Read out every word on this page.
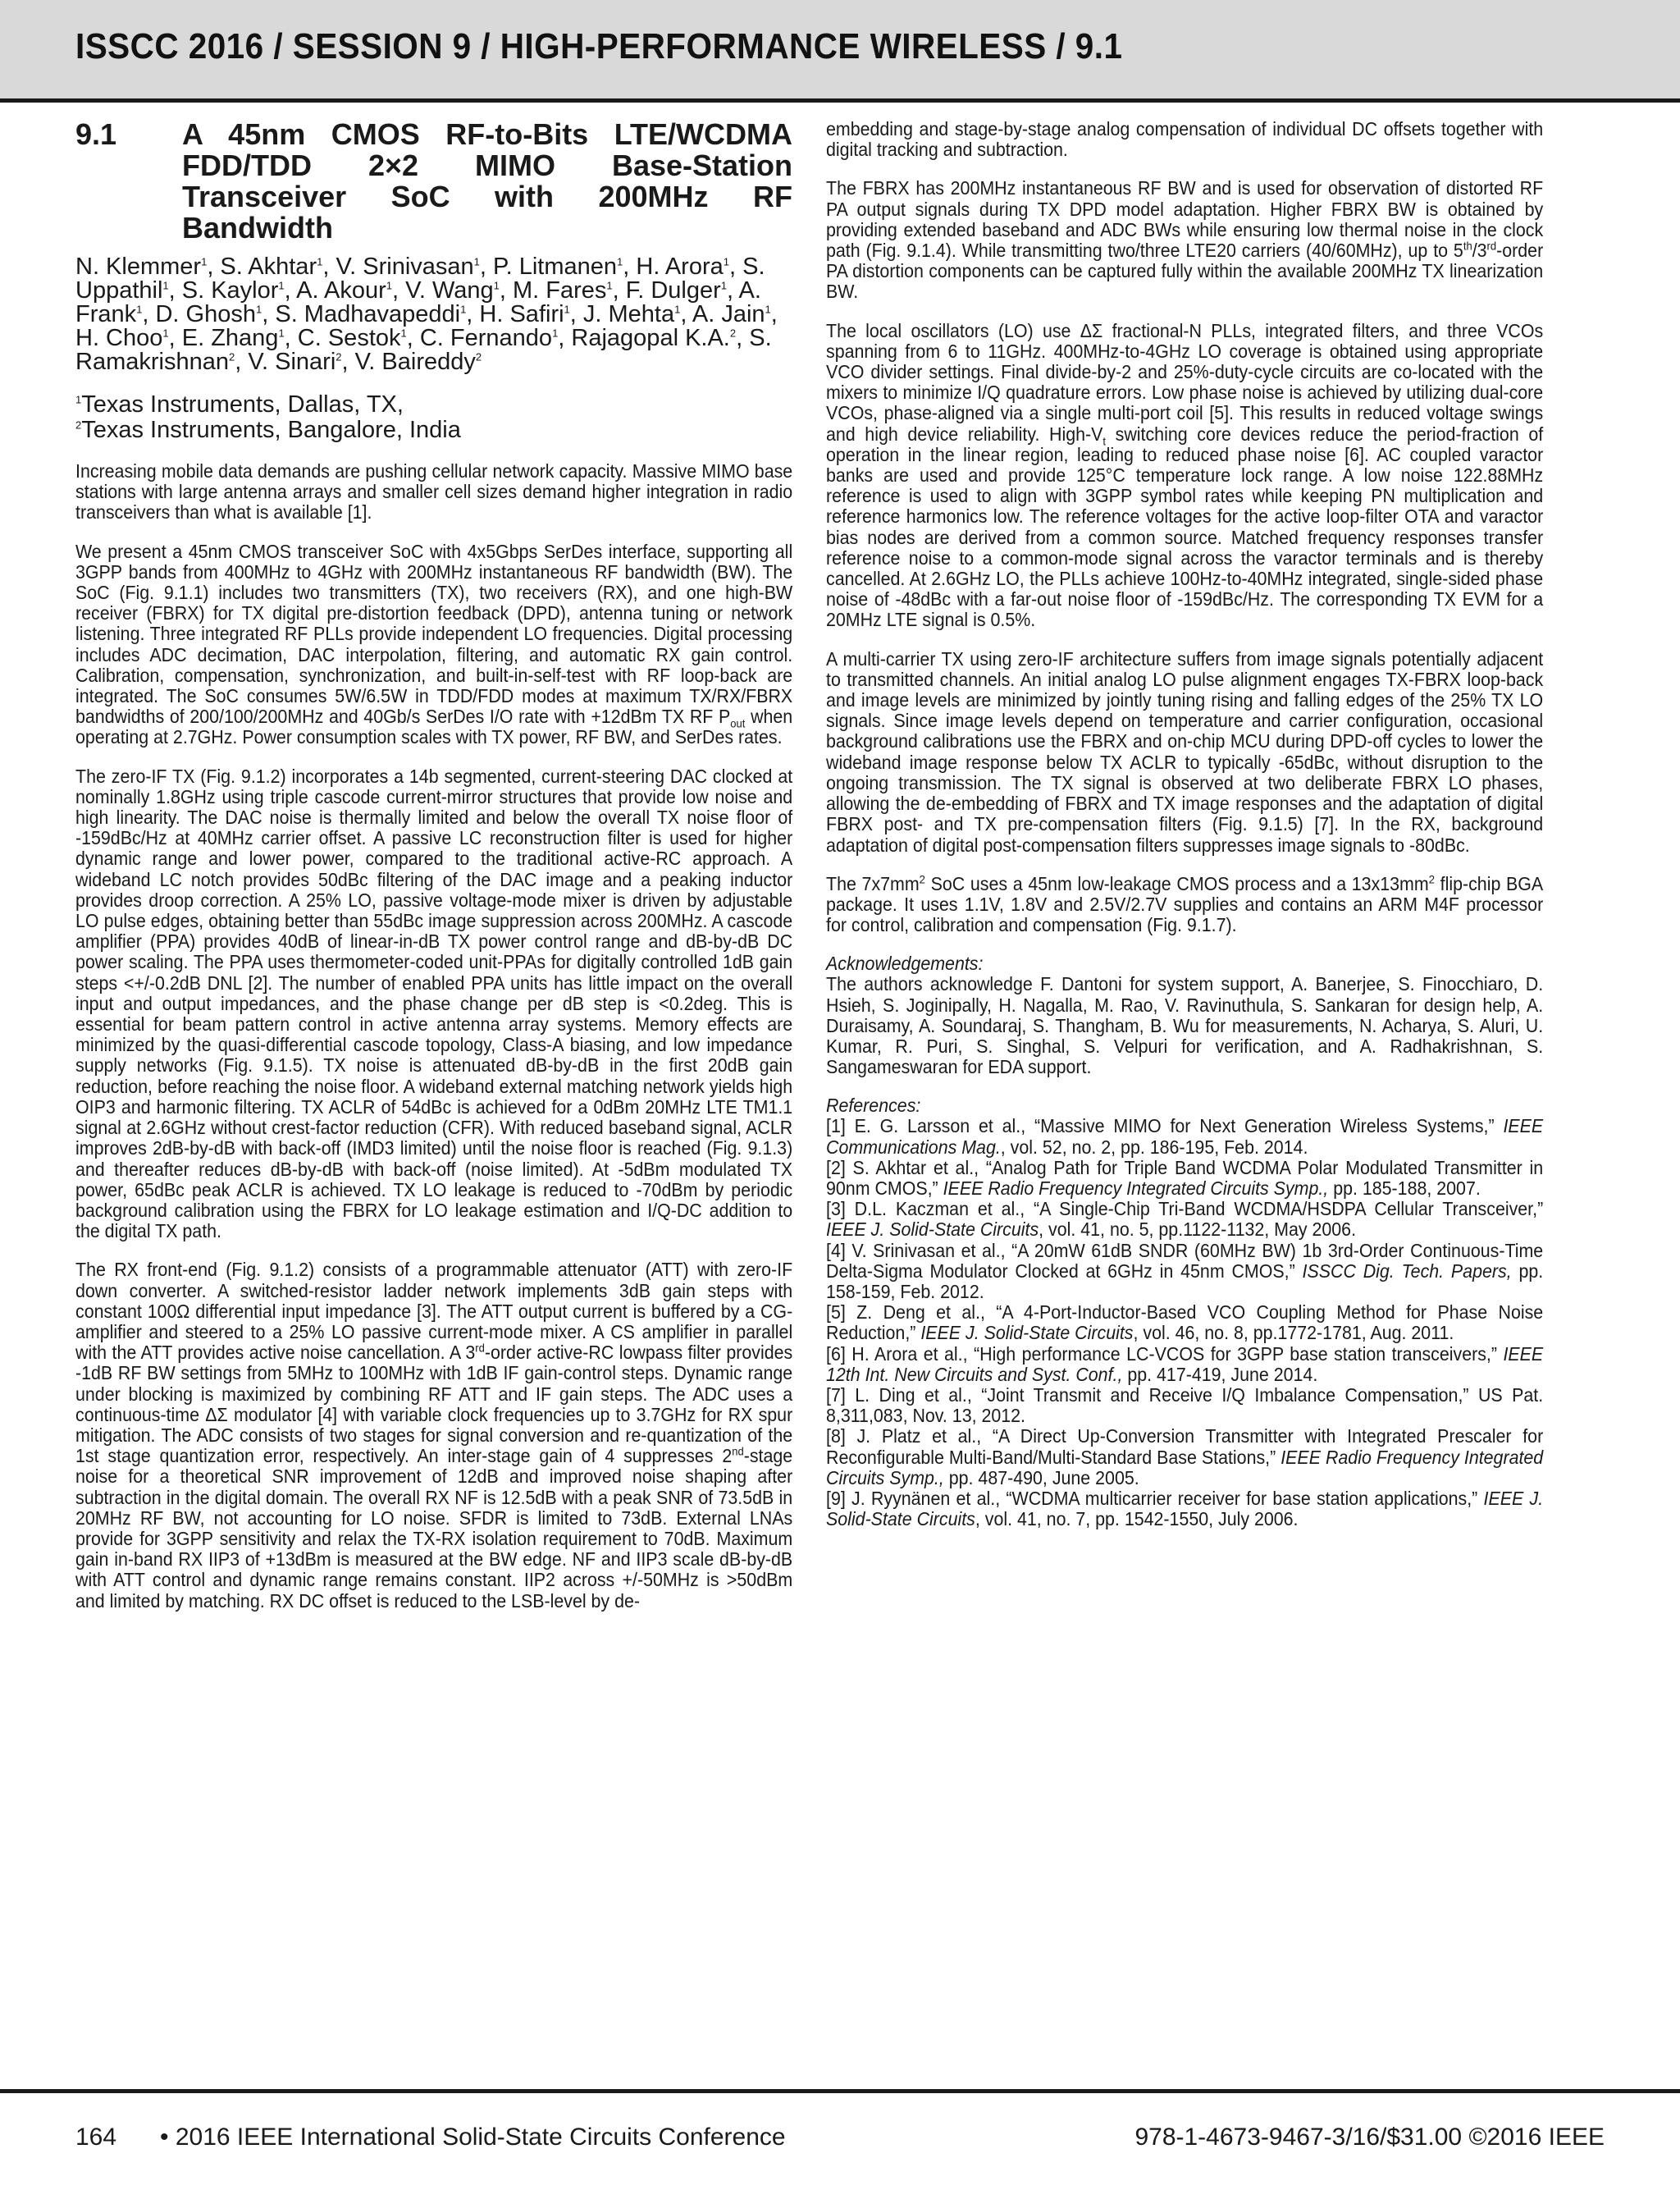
ISSCC 2016 / SESSION 9 / HIGH-PERFORMANCE WIRELESS / 9.1
9.1	A 45nm CMOS RF-to-Bits LTE/WCDMA FDD/TDD 2×2 MIMO Base-Station Transceiver SoC with 200MHz RF Bandwidth
N. Klemmer$^1$, S. Akhtar$^1$, V. Srinivasan$^1$, P. Litmanen$^1$, H. Arora$^1$, S. Uppathil$^1$, S. Kaylor$^1$, A. Akour$^1$, V. Wang$^1$, M. Fares$^1$, F. Dulger$^1$, A. Frank$^1$, D. Ghosh$^1$, S. Madhavapeddi$^1$, H. Safiri$^1$, J. Mehta$^1$, A. Jain$^1$, H. Choo$^1$, E. Zhang$^1$, C. Sestok$^1$, C. Fernando$^1$, Rajagopal K.A.$^2$, S. Ramakrishnan$^2$, V. Sinari$^2$, V. Baireddy$^2$
$^1$Texas Instruments, Dallas, TX,
$^2$Texas Instruments, Bangalore, India

Increasing mobile data demands are pushing cellular network capacity. Massive MIMO base stations with large antenna arrays and smaller cell sizes demand higher integration in radio transceivers than what is available [1].

We present a 45nm CMOS transceiver SoC with 4x5Gbps SerDes interface, supporting all 3GPP bands from 400MHz to 4GHz with 200MHz instantaneous RF bandwidth (BW). The SoC (Fig. 9.1.1) includes two transmitters (TX), two receivers (RX), and one high-BW receiver (FBRX) for TX digital pre-distortion feedback (DPD), antenna tuning or network listening. Three integrated RF PLLs provide independent LO frequencies. Digital processing includes ADC decimation, DAC interpolation, filtering, and automatic RX gain control. Calibration, compensation, synchronization, and built-in-self-test with RF loop-back are integrated. The SoC consumes 5W/6.5W in TDD/FDD modes at maximum TX/RX/FBRX bandwidths of 200/100/200MHz and 40Gb/s SerDes I/O rate with +12dBm TX RF $P_{out}$ when operating at 2.7GHz. Power consumption scales with TX power, RF BW, and SerDes rates.

The zero-IF TX (Fig. 9.1.2) incorporates a 14b segmented, current-steering DAC clocked at nominally 1.8GHz using triple cascode current-mirror structures that provide low noise and high linearity. The DAC noise is thermally limited and below the overall TX noise floor of -159dBc/Hz at 40MHz carrier offset. A passive LC reconstruction filter is used for higher dynamic range and lower power, compared to the traditional active-RC approach. A wideband LC notch provides 50dBc filtering of the DAC image and a peaking inductor provides droop correction. A 25% LO, passive voltage-mode mixer is driven by adjustable LO pulse edges, obtaining better than 55dBc image suppression across 200MHz. A cascode amplifier (PPA) provides 40dB of linear-in-dB TX power control range and dB-by-dB DC power scaling. The PPA uses thermometer-coded unit-PPAs for digitally controlled 1dB gain steps <+/-0.2dB DNL [2]. The number of enabled PPA units has little impact on the overall input and output impedances, and the phase change per dB step is <0.2deg. This is essential for beam pattern control in active antenna array systems. Memory effects are minimized by the quasi-differential cascode topology, Class-A biasing, and low impedance supply networks (Fig. 9.1.5). TX noise is attenuated dB-by-dB in the first 20dB gain reduction, before reaching the noise floor. A wideband external matching network yields high OIP3 and harmonic filtering. TX ACLR of 54dBc is achieved for a 0dBm 20MHz LTE TM1.1 signal at 2.6GHz without crest-factor reduction (CFR). With reduced baseband signal, ACLR improves 2dB-by-dB with back-off (IMD3 limited) until the noise floor is reached (Fig. 9.1.3) and thereafter reduces dB-by-dB with back-off (noise limited). At -5dBm modulated TX power, 65dBc peak ACLR is achieved. TX LO leakage is reduced to -70dBm by periodic background calibration using the FBRX for LO leakage estimation and I/Q-DC addition to the digital TX path.

The RX front-end (Fig. 9.1.2) consists of a programmable attenuator (ATT) with zero-IF down converter. A switched-resistor ladder network implements 3dB gain steps with constant 100Ω differential input impedance [3]. The ATT output current is buffered by a CG-amplifier and steered to a 25% LO passive current-mode mixer. A CS amplifier in parallel with the ATT provides active noise cancellation. A 3rd-order active-RC lowpass filter provides -1dB RF BW settings from 5MHz to 100MHz with 1dB IF gain-control steps. Dynamic range under blocking is maximized by combining RF ATT and IF gain steps. The ADC uses a continuous-time ΔΣ modulator [4] with variable clock frequencies up to 3.7GHz for RX spur mitigation. The ADC consists of two stages for signal conversion and re-quantization of the 1st stage quantization error, respectively. An inter-stage gain of 4 suppresses 2nd-stage noise for a theoretical SNR improvement of 12dB and improved noise shaping after subtraction in the digital domain. The overall RX NF is 12.5dB with a peak SNR of 73.5dB in 20MHz RF BW, not accounting for LO noise. SFDR is limited to 73dB. External LNAs provide for 3GPP sensitivity and relax the TX-RX isolation requirement to 70dB. Maximum gain in-band RX IIP3 of +13dBm is measured at the BW edge. NF and IIP3 scale dB-by-dB with ATT control and dynamic range remains constant. IIP2 across +/-50MHz is >50dBm and limited by matching. RX DC offset is reduced to the LSB-level by de-

embedding and stage-by-stage analog compensation of individual DC offsets together with digital tracking and subtraction.

The FBRX has 200MHz instantaneous RF BW and is used for observation of distorted RF PA output signals during TX DPD model adaptation. Higher FBRX BW is obtained by providing extended baseband and ADC BWs while ensuring low thermal noise in the clock path (Fig. 9.1.4). While transmitting two/three LTE20 carriers (40/60MHz), up to 5th/3rd-order PA distortion components can be captured fully within the available 200MHz TX linearization BW.

The local oscillators (LO) use ΔΣ fractional-N PLLs, integrated filters, and three VCOs spanning from 6 to 11GHz. 400MHz-to-4GHz LO coverage is obtained using appropriate VCO divider settings. Final divide-by-2 and 25%-duty-cycle circuits are co-located with the mixers to minimize I/Q quadrature errors. Low phase noise is achieved by utilizing dual-core VCOs, phase-aligned via a single multi-port coil [5]. This results in reduced voltage swings and high device reliability. High-$V_t$ switching core devices reduce the period-fraction of operation in the linear region, leading to reduced phase noise [6]. AC coupled varactor banks are used and provide 125°C temperature lock range. A low noise 122.88MHz reference is used to align with 3GPP symbol rates while keeping PN multiplication and reference harmonics low. The reference voltages for the active loop-filter OTA and varactor bias nodes are derived from a common source. Matched frequency responses transfer reference noise to a common-mode signal across the varactor terminals and is thereby cancelled. At 2.6GHz LO, the PLLs achieve 100Hz-to-40MHz integrated, single-sided phase noise of -48dBc with a far-out noise floor of -159dBc/Hz. The corresponding TX EVM for a 20MHz LTE signal is 0.5%.

A multi-carrier TX using zero-IF architecture suffers from image signals potentially adjacent to transmitted channels. An initial analog LO pulse alignment engages TX-FBRX loop-back and image levels are minimized by jointly tuning rising and falling edges of the 25% TX LO signals. Since image levels depend on temperature and carrier configuration, occasional background calibrations use the FBRX and on-chip MCU during DPD-off cycles to lower the wideband image response below TX ACLR to typically -65dBc, without disruption to the ongoing transmission. The TX signal is observed at two deliberate FBRX LO phases, allowing the de-embedding of FBRX and TX image responses and the adaptation of digital FBRX post- and TX pre-compensation filters (Fig. 9.1.5) [7]. In the RX, background adaptation of digital post-compensation filters suppresses image signals to -80dBc.

The $7x7mm^2$ SoC uses a 45nm low-leakage CMOS process and a $13x13mm^2$ flip-chip BGA package. It uses 1.1V, 1.8V and 2.5V/2.7V supplies and contains an ARM M4F processor for control, calibration and compensation (Fig. 9.1.7).

Acknowledgements:

The authors acknowledge F. Dantoni for system support, A. Banerjee, S. Finocchiaro, D. Hsieh, S. Joginipally, H. Nagalla, M. Rao, V. Ravinuthula, S. Sankaran for design help, A. Duraisamy, A. Soundaraj, S. Thangham, B. Wu for measurements, N. Acharya, S. Aluri, U. Kumar, R. Puri, S. Singhal, S. Velpuri for verification, and A. Radhakrishnan, S. Sangameswaran for EDA support.

References:
[1] E. G. Larsson et al., “Massive MIMO for Next Generation Wireless Systems,” IEEE Communications Mag., vol. 52, no. 2, pp. 186-195, Feb. 2014.
[2] S. Akhtar et al., “Analog Path for Triple Band WCDMA Polar Modulated Transmitter in 90nm CMOS,” IEEE Radio Frequency Integrated Circuits Symp., pp. 185-188, 2007.
[3] D.L. Kaczman et al., “A Single-Chip Tri-Band WCDMA/HSDPA Cellular Transceiver,” IEEE J. Solid-State Circuits, vol. 41, no. 5, pp.1122-1132, May 2006.
[4] V. Srinivasan et al., “A 20mW 61dB SNDR (60MHz BW) 1b 3rd-Order Continuous-Time Delta-Sigma Modulator Clocked at 6GHz in 45nm CMOS,” ISSCC Dig. Tech. Papers, pp. 158-159, Feb. 2012.
[5] Z. Deng et al., “A 4-Port-Inductor-Based VCO Coupling Method for Phase Noise Reduction,” IEEE J. Solid-State Circuits, vol. 46, no. 8, pp.1772-1781, Aug. 2011.
[6] H. Arora et al., “High performance LC-VCOS for 3GPP base station transceivers,” IEEE 12th Int. New Circuits and Syst. Conf., pp. 417-419, June 2014.
[7] L. Ding et al., “Joint Transmit and Receive I/Q Imbalance Compensation,” US Pat. 8,311,083, Nov. 13, 2012.
[8] J. Platz et al., “A Direct Up-Conversion Transmitter with Integrated Prescaler for Reconfigurable Multi-Band/Multi-Standard Base Stations,” IEEE Radio Frequency Integrated Circuits Symp., pp. 487-490, June 2005.
[9] J. Ryynänen et al., “WCDMA multicarrier receiver for base station applications,” IEEE J. Solid-State Circuits, vol. 41, no. 7, pp. 1542-1550, July 2006.
164 • 2016 IEEE International Solid-State Circuits Conference	978-1-4673-9467-3/16/$31.00 ©2016 IEEE
